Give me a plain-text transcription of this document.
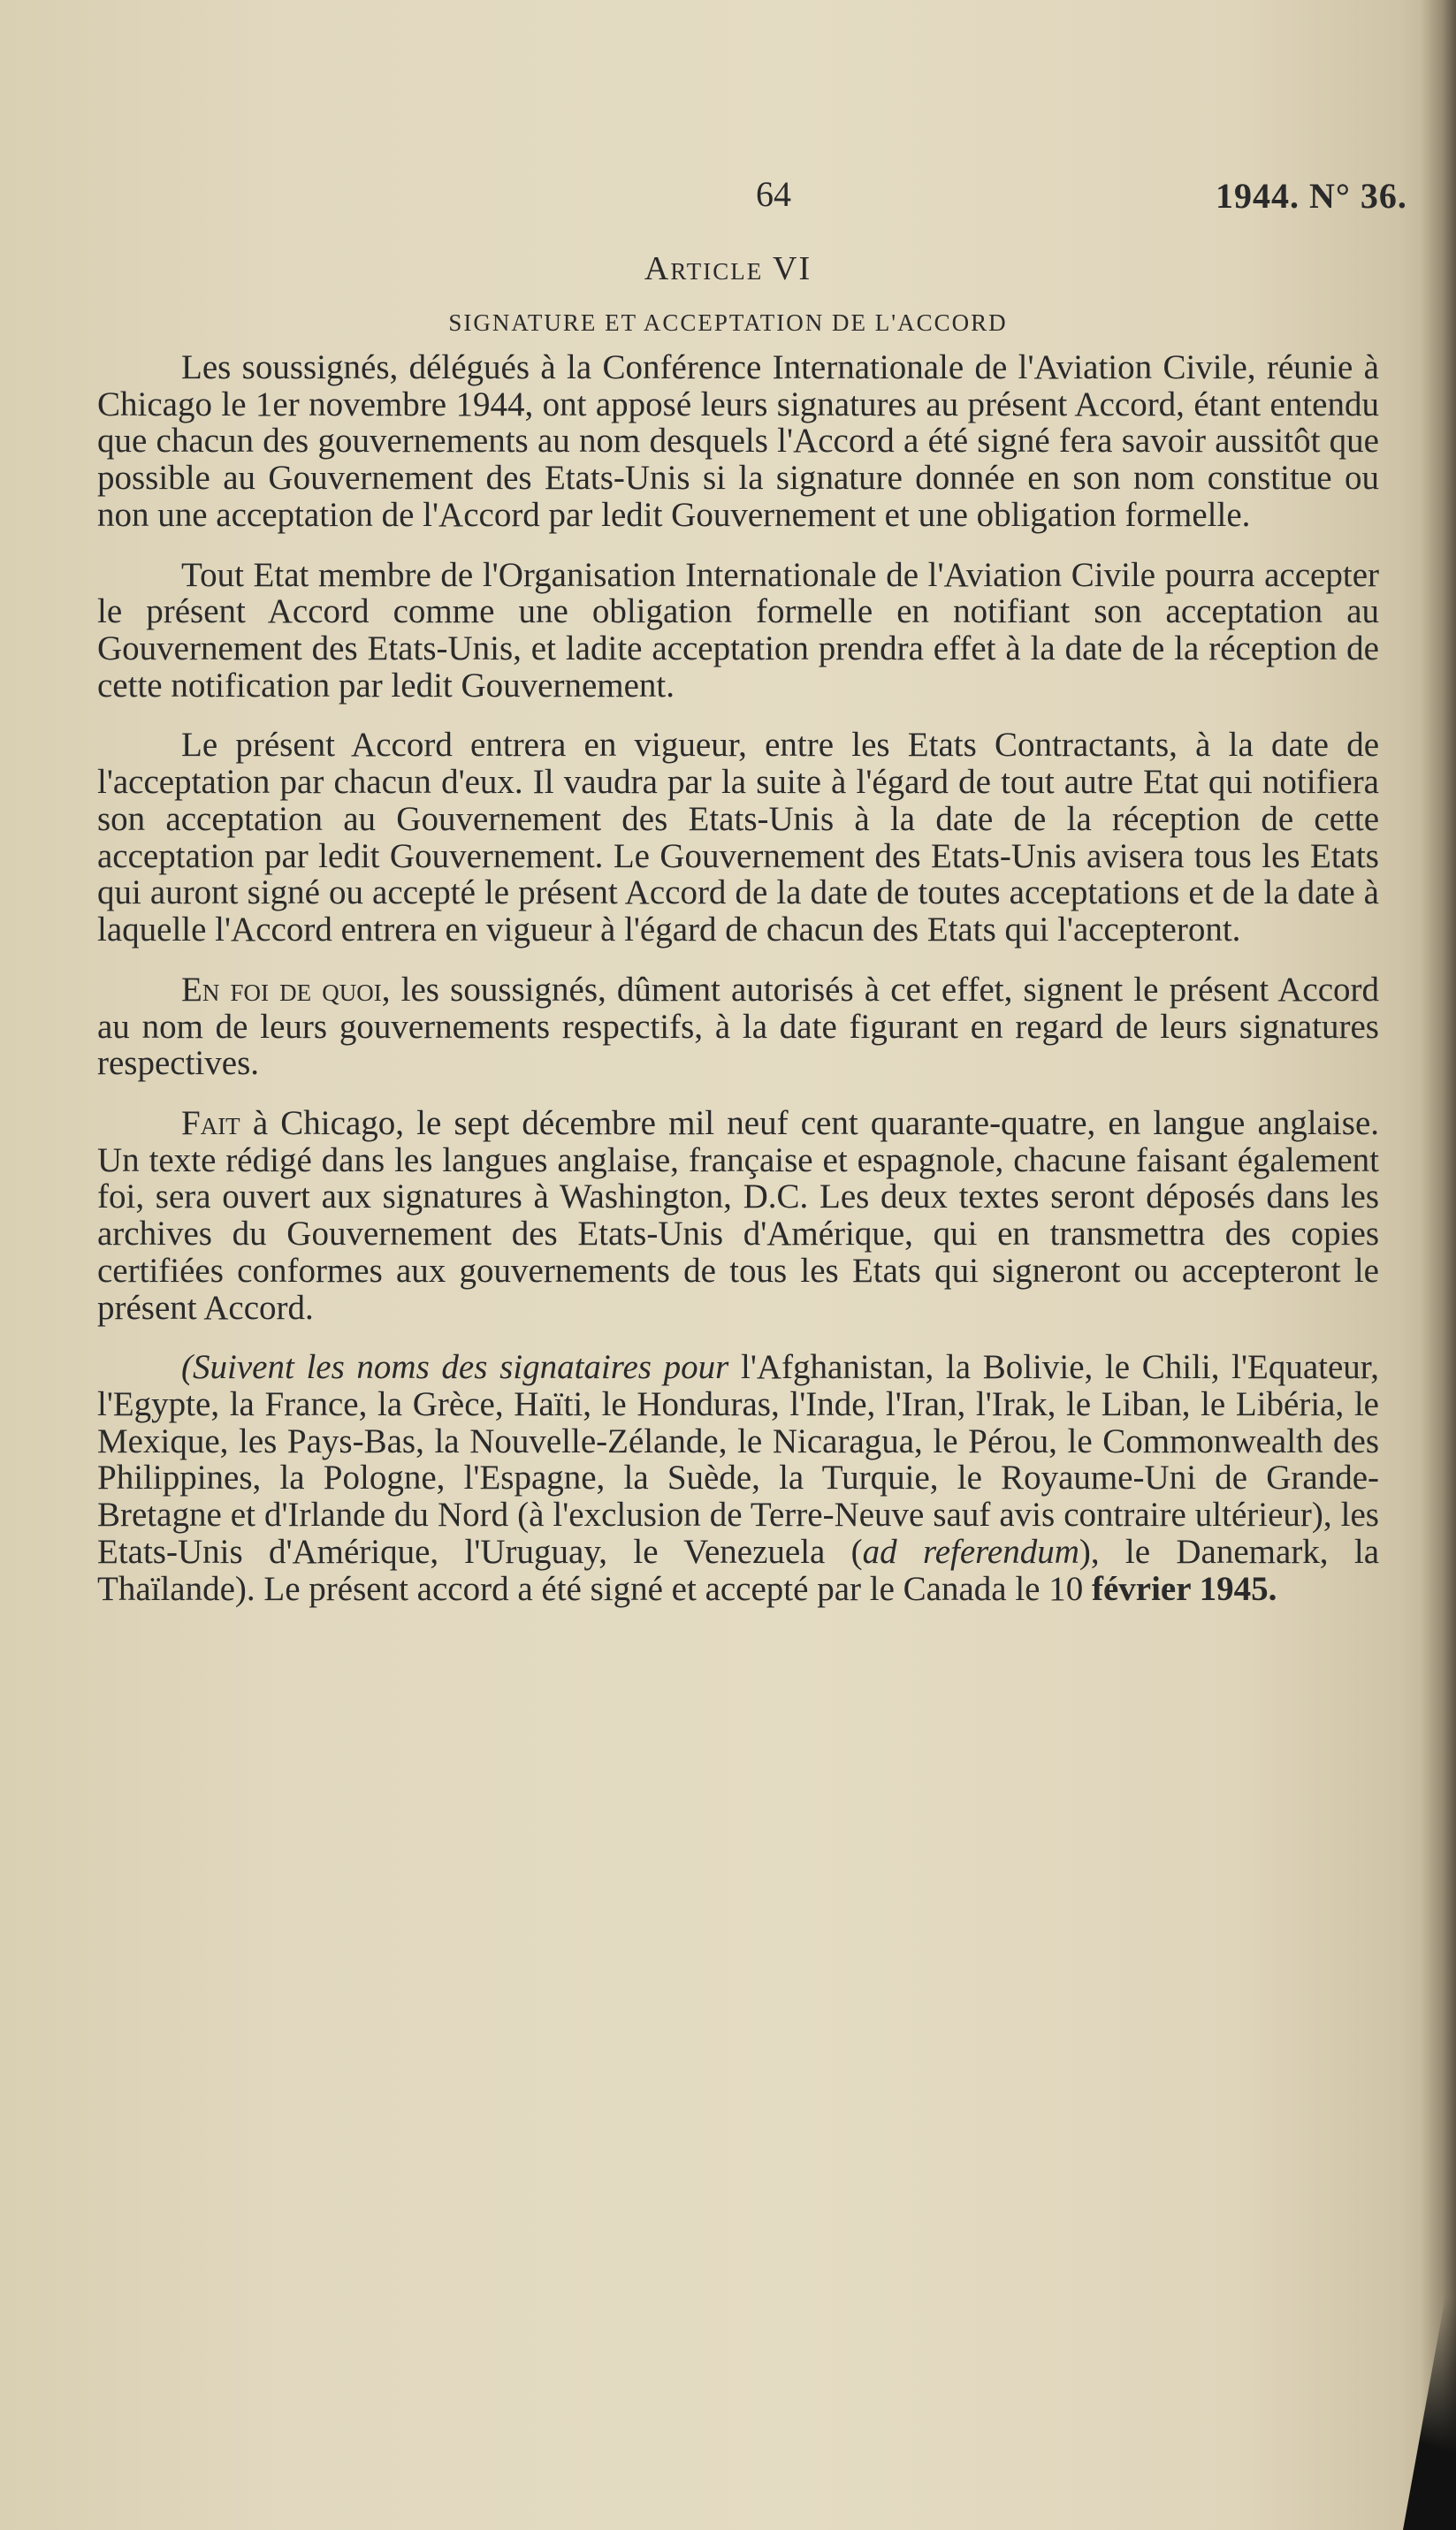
64	1944. N° 36.
Article VI
SIGNATURE ET ACCEPTATION DE L'ACCORD

Les soussignés, délégués à la Conférence Internationale de l'Aviation Civile, réunie à Chicago le 1er novembre 1944, ont apposé leurs signatures au présent Accord, étant entendu que chacun des gouvernements au nom desquels l'Accord a été signé fera savoir aussitôt que possible au Gouvernement des Etats-Unis si la signature donnée en son nom constitue ou non une acceptation de l'Accord par ledit Gouvernement et une obligation formelle.

Tout Etat membre de l'Organisation Internationale de l'Aviation Civile pourra accepter le présent Accord comme une obligation formelle en notifiant son acceptation au Gouvernement des Etats-Unis, et ladite acceptation prendra effet à la date de la réception de cette notification par ledit Gouvernement.

Le présent Accord entrera en vigueur, entre les Etats Contractants, à la date de l'acceptation par chacun d'eux. Il vaudra par la suite à l'égard de tout autre Etat qui notifiera son acceptation au Gouvernement des Etats-Unis à la date de la réception de cette acceptation par ledit Gouvernement. Le Gouvernement des Etats-Unis avisera tous les Etats qui auront signé ou accepté le présent Accord de la date de toutes acceptations et de la date à laquelle l'Accord entrera en vigueur à l'égard de chacun des Etats qui l'accepteront.

En foi de quoi, les soussignés, dûment autorisés à cet effet, signent le présent Accord au nom de leurs gouvernements respectifs, à la date figurant en regard de leurs signatures respectives.

Fait à Chicago, le sept décembre mil neuf cent quarante-quatre, en langue anglaise. Un texte rédigé dans les langues anglaise, française et espagnole, chacune faisant également foi, sera ouvert aux signatures à Washington, D.C. Les deux textes seront déposés dans les archives du Gouvernement des Etats-Unis d'Amérique, qui en transmettra des copies certifiées conformes aux gouvernements de tous les Etats qui signeront ou accepteront le présent Accord.

(Suivent les noms des signataires pour l'Afghanistan, la Bolivie, le Chili, l'Equateur, l'Egypte, la France, la Grèce, Haïti, le Honduras, l'Inde, l'Iran, l'Irak, le Liban, le Libéria, le Mexique, les Pays-Bas, la Nouvelle-Zélande, le Nicaragua, le Pérou, le Commonwealth des Philippines, la Pologne, l'Espagne, la Suède, la Turquie, le Royaume-Uni de Grande-Bretagne et d'Irlande du Nord (à l'exclusion de Terre-Neuve sauf avis contraire ultérieur), les Etats-Unis d'Amérique, l'Uruguay, le Venezuela (ad referendum), le Danemark, la Thaïlande). Le présent accord a été signé et accepté par le Canada le 10 février 1945.
